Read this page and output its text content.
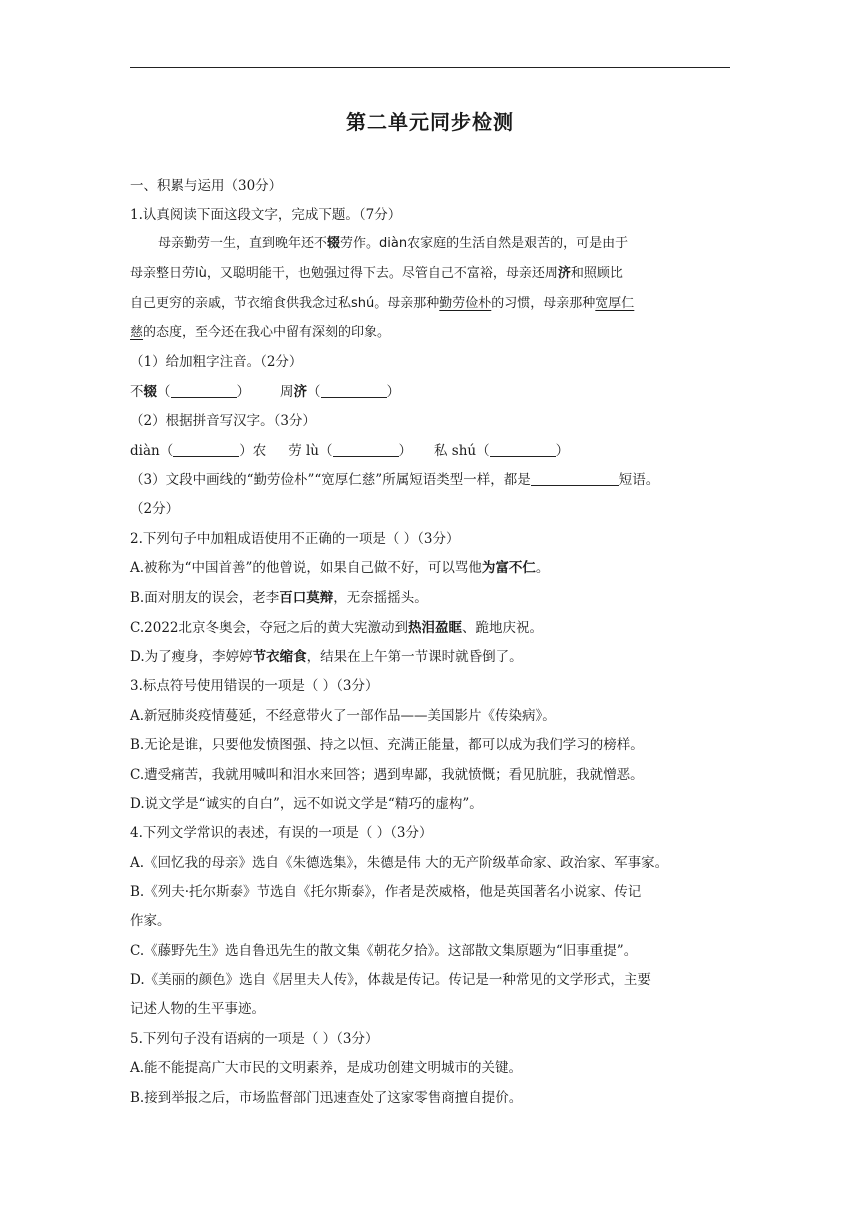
第二单元同步检测
一、积累与运用（30分）
1.认真阅读下面这段文字，完成下题。（7分）
母亲勤劳一生，直到晚年还不辍劳作。diàn农家庭的生活自然是艰苦的，可是由于
母亲整日劳lù，又聪明能干，也勉强过得下去。尽管自己不富裕，母亲还周济和照顾比
自己更穷的亲戚，节衣缩食供我念过私shú。母亲那种勤劳俭朴的习惯，母亲那种宽厚仁
慈的态度，至今还在我心中留有深刻的印象。
（1）给加粗字注音。（2分）
不辍（	） 周济（	）
（2）根据拼音写汉字。（3分）
diàn（	）农 劳 lù（	） 私 shú（	）
（3）文段中画线的“勤劳俭朴”“宽厚仁慈”所属短语类型一样，都是	短语。
（2分）
2.下列句子中加粗成语使用不正确的一项是（ ）（3分）
A.被称为“中国首善”的他曾说，如果自己做不好，可以骂他为富不仁。
B.面对朋友的误会，老李百口莫辩，无奈摇摇头。
C.2022北京冬奥会，夺冠之后的黄大宪激动到热泪盈眶、跪地庆祝。
D.为了瘦身，李婷婷节衣缩食，结果在上午第一节课时就昏倒了。
3.标点符号使用错误的一项是（ ）（3分）
A.新冠肺炎疫情蔓延，不经意带火了一部作品——美国影片《传染病》。
B.无论是谁，只要他发愤图强、持之以恒、充满正能量，都可以成为我们学习的榜样。
C.遭受痛苦，我就用喊叫和泪水来回答；遇到卑鄙，我就愤慨；看见肮脏，我就憎恶。
D.说文学是“诚实的自白”，远不如说文学是“精巧的虚构”。
4.下列文学常识的表述，有误的一项是（ ）（3分）
A.《回忆我的母亲》选自《朱德选集》，朱德是伟 大的无产阶级革命家、政治家、军事家。
B.《列夫·托尔斯泰》节选自《托尔斯泰》，作者是茨威格，他是英国著名小说家、传记
作家。
C.《藤野先生》选自鲁迅先生的散文集《朝花夕拾》。这部散文集原题为“旧事重提”。
D.《美丽的颜色》选自《居里夫人传》，体裁是传记。传记是一种常见的文学形式，主要
记述人物的生平事迹。
5.下列句子没有语病的一项是（ ）（3分）
A.能不能提高广大市民的文明素养，是成功创建文明城市的关键。
B.接到举报之后，市场监督部门迅速查处了这家零售商擅自提价。
